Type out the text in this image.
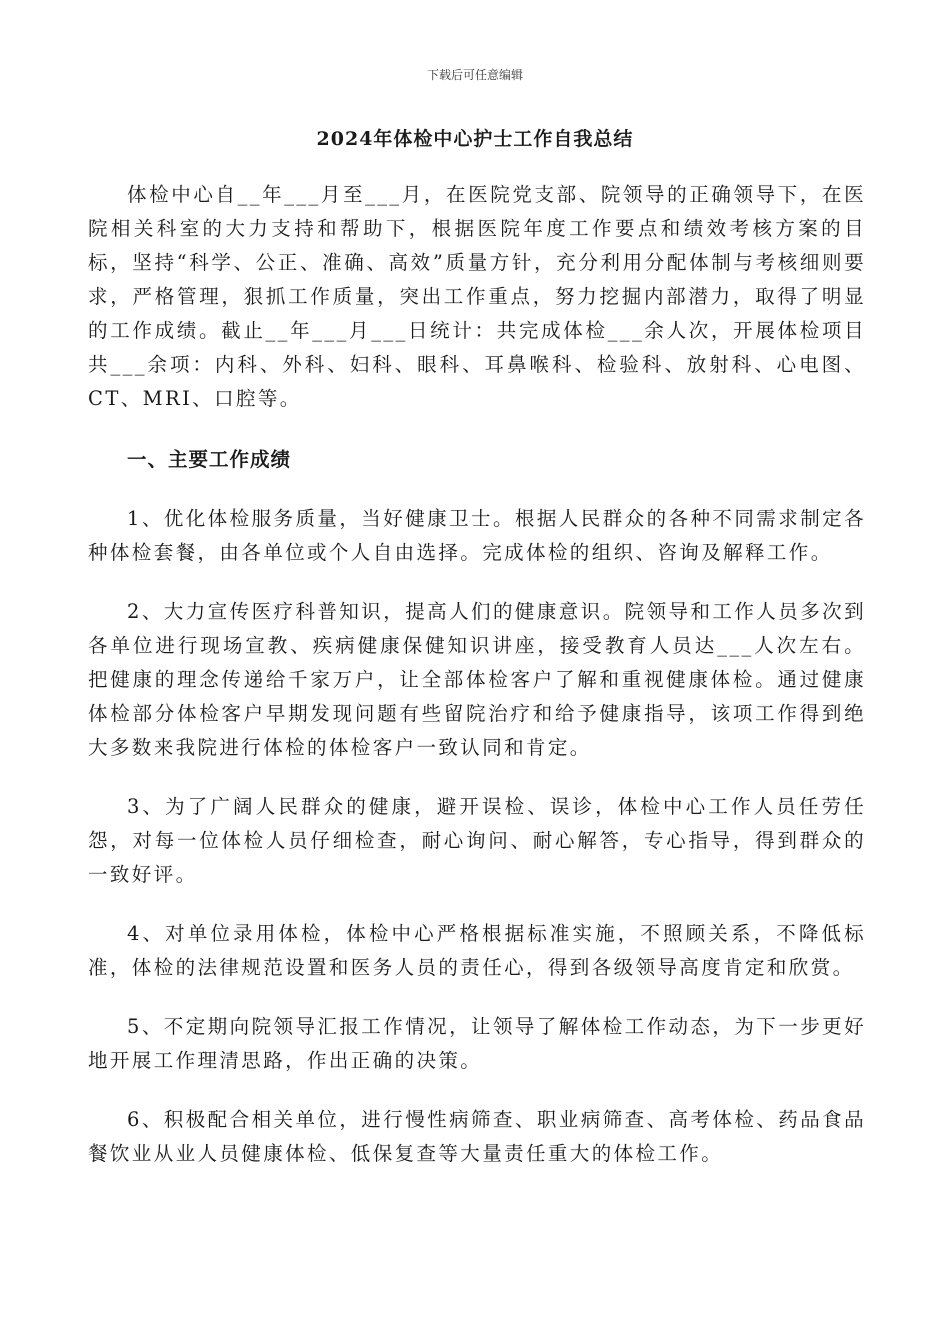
下载后可任意编辑
2024年体检中心护士工作自我总结

体检中心自__年___月至___月，在医院党支部、院领导的正确领导下，在医院相关科室的大力支持和帮助下，根据医院年度工作要点和绩效考核方案的目标，坚持“科学、公正、准确、高效”质量方针，充分利用分配体制与考核细则要求，严格管理，狠抓工作质量，突出工作重点，努力挖掘内部潜力，取得了明显的工作成绩。截止__年___月___日统计：共完成体检___余人次，开展体检项目共___余项：内科、外科、妇科、眼科、耳鼻喉科、检验科、放射科、心电图、CT、MRI、口腔等。

一、主要工作成绩

1、优化体检服务质量，当好健康卫士。根据人民群众的各种不同需求制定各种体检套餐，由各单位或个人自由选择。完成体检的组织、咨询及解释工作。

2、大力宣传医疗科普知识，提高人们的健康意识。院领导和工作人员多次到各单位进行现场宣教、疾病健康保健知识讲座，接受教育人员达___人次左右。把健康的理念传递给千家万户，让全部体检客户了解和重视健康体检。通过健康体检部分体检客户早期发现问题有些留院治疗和给予健康指导，该项工作得到绝大多数来我院进行体检的体检客户一致认同和肯定。

3、为了广阔人民群众的健康，避开误检、误诊，体检中心工作人员任劳任怨，对每一位体检人员仔细检查，耐心询问、耐心解答，专心指导，得到群众的一致好评。

4、对单位录用体检，体检中心严格根据标准实施，不照顾关系，不降低标准，体检的法律规范设置和医务人员的责任心，得到各级领导高度肯定和欣赏。

5、不定期向院领导汇报工作情况，让领导了解体检工作动态，为下一步更好地开展工作理清思路，作出正确的决策。

6、积极配合相关单位，进行慢性病筛查、职业病筛查、高考体检、药品食品餐饮业从业人员健康体检、低保复查等大量责任重大的体检工作。
